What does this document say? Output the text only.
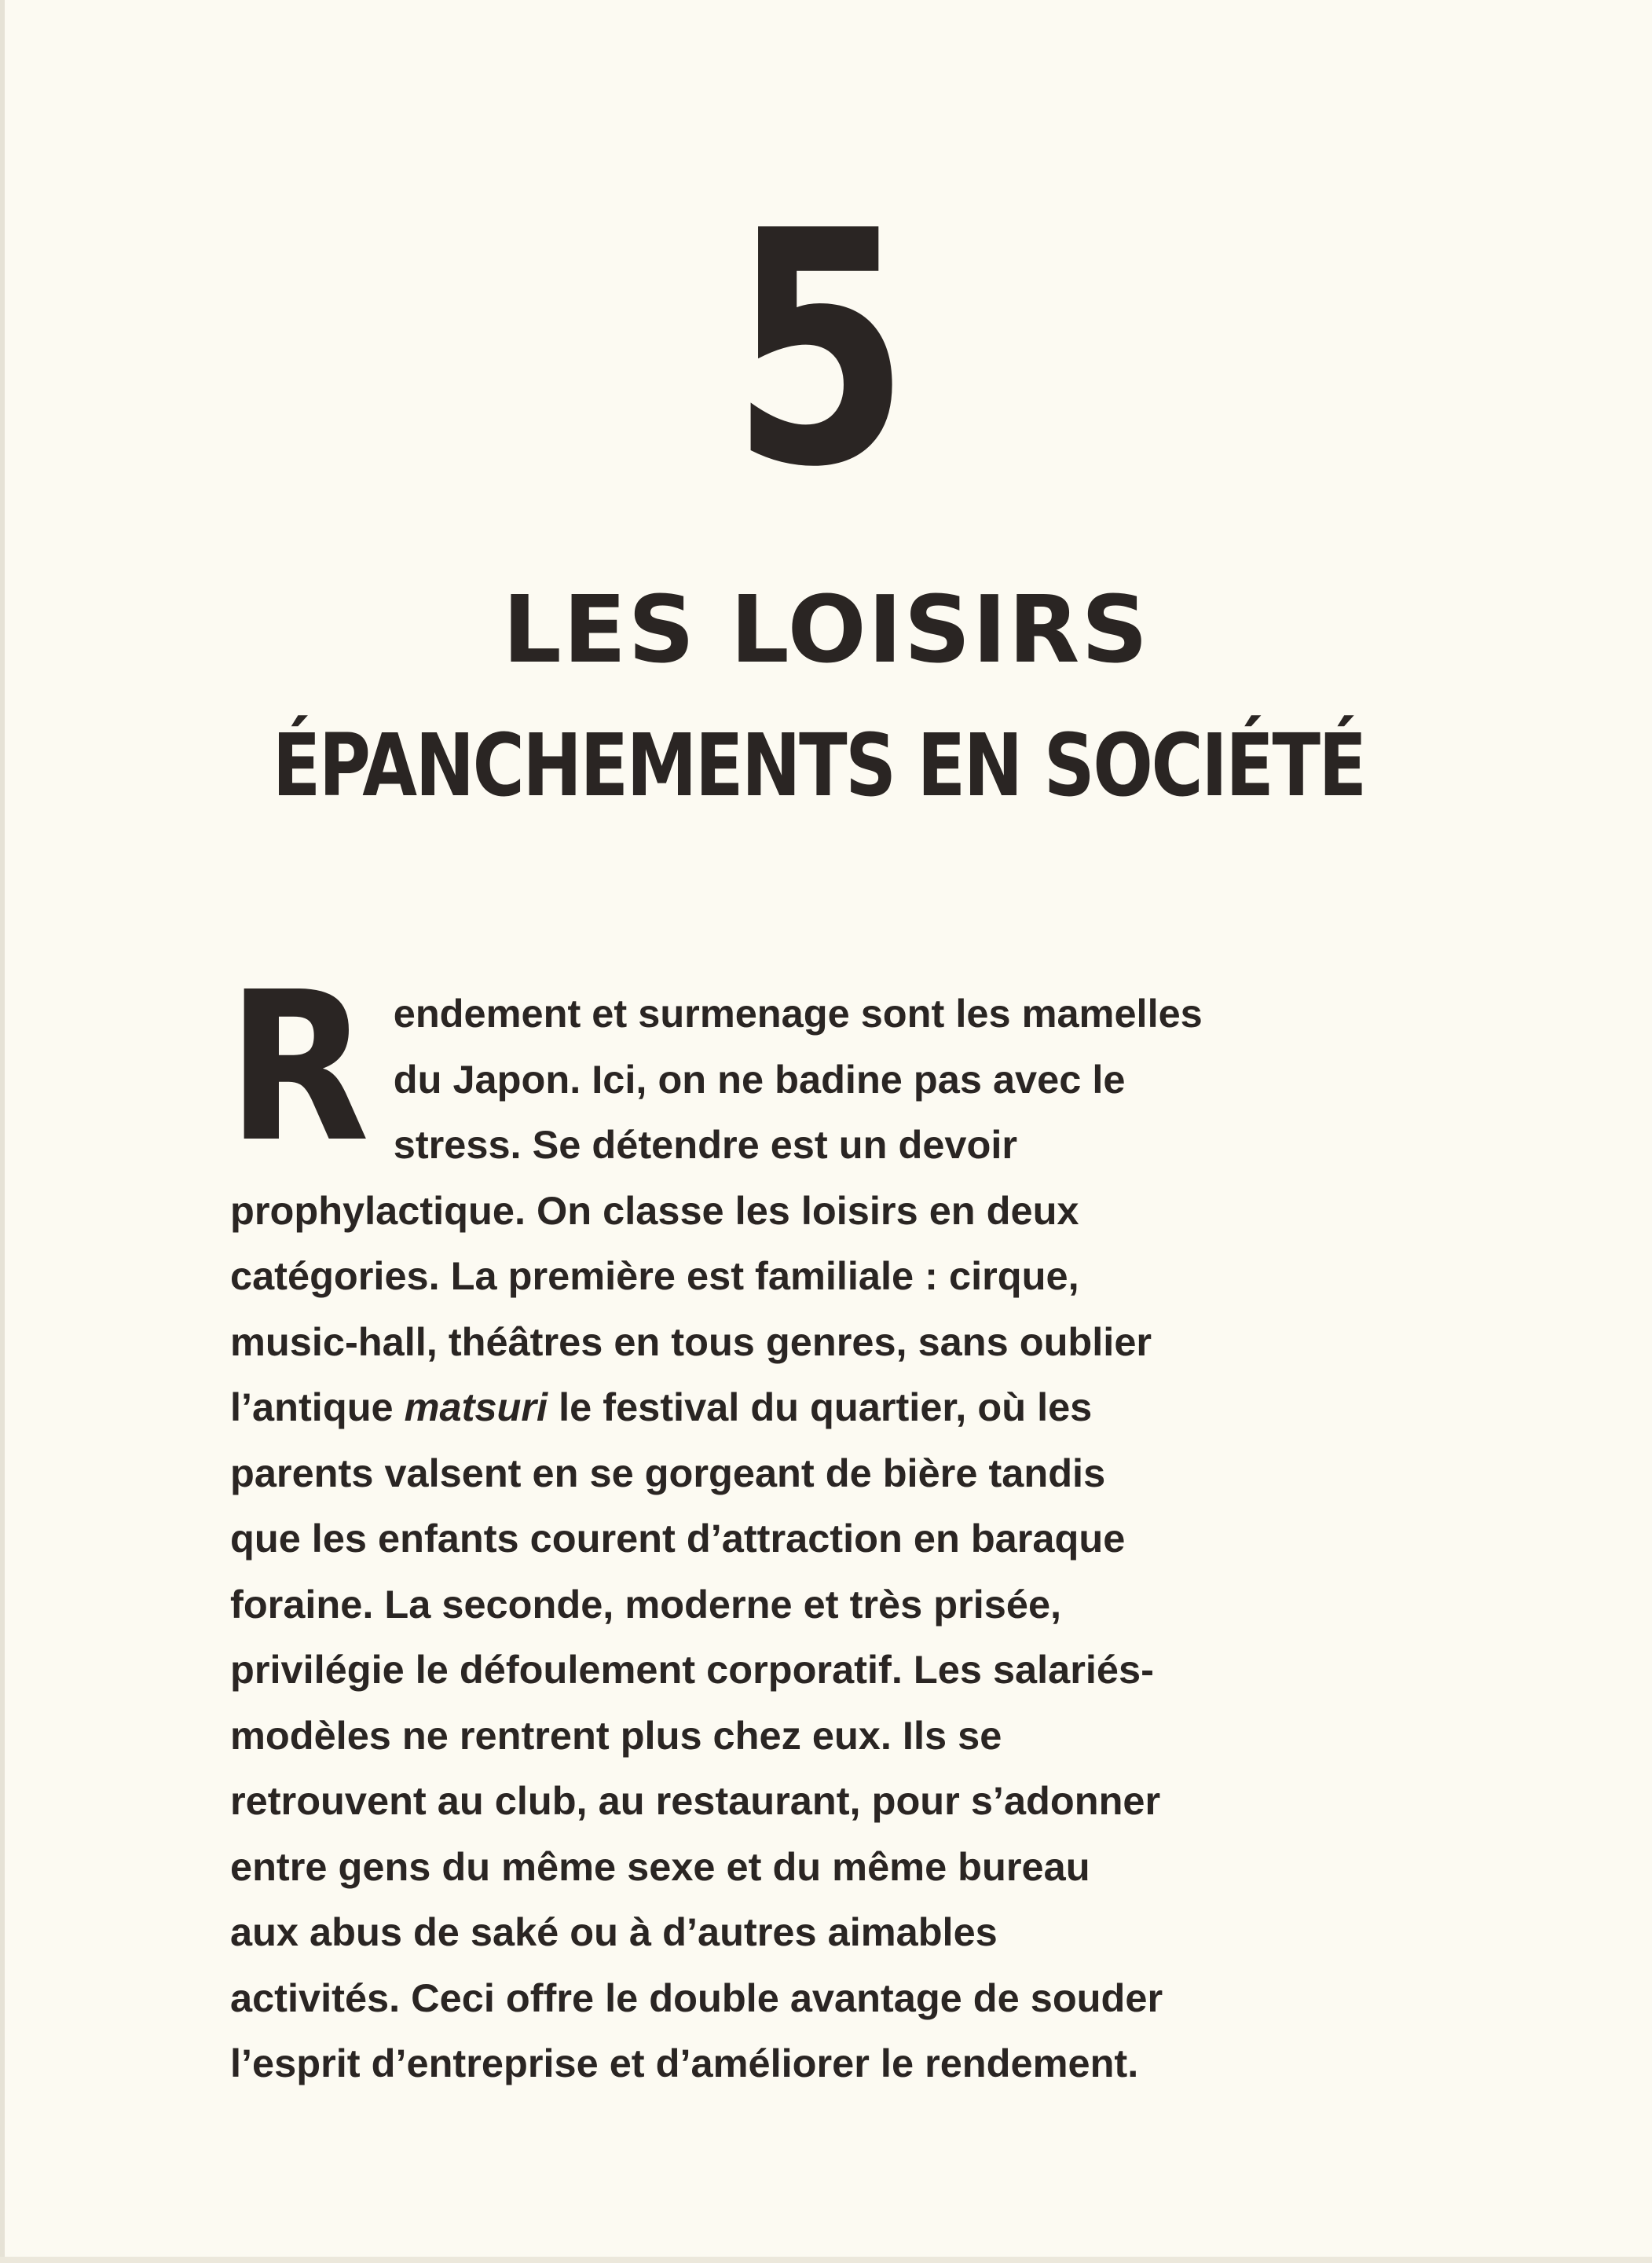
5
LES LOISIRS
ÉPANCHEMENTS EN SOCIÉTÉ
R endement et surmenage sont les mamelles
du Japon. Ici, on ne badine pas avec le
stress. Se détendre est un devoir
prophylactique. On classe les loisirs en deux
catégories. La première est familiale : cirque,
music-hall, théâtres en tous genres, sans oublier
l’antique matsuri le festival du quartier, où les
parents valsent en se gorgeant de bière tandis
que les enfants courent d’attraction en baraque
foraine. La seconde, moderne et très prisée,
privilégie le défoulement corporatif. Les salariés-
modèles ne rentrent plus chez eux. Ils se
retrouvent au club, au restaurant, pour s’adonner
entre gens du même sexe et du même bureau
aux abus de saké ou à d’autres aimables
activités. Ceci offre le double avantage de souder
l’esprit d’entreprise et d’améliorer le rendement.
